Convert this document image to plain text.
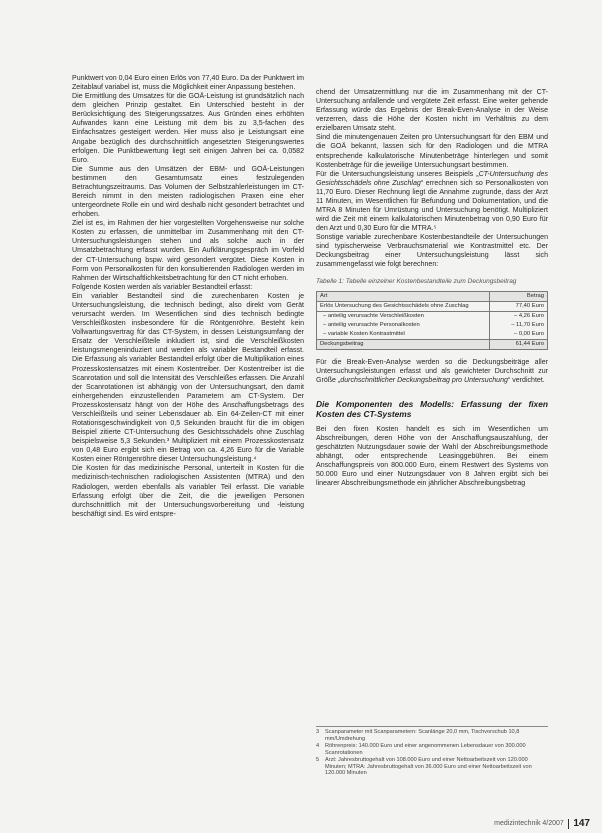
Punktwert von 0,04 Euro einen Erlös von 77,40 Euro. Da der Punktwert im Zeitablauf variabel ist, muss die Möglichkeit einer Anpassung bestehen.

Die Ermittlung des Umsatzes für die GOÄ-Leistung ist grundsätzlich nach dem gleichen Prinzip gestaltet. Ein Unterschied besteht in der Berücksichtigung des Steigerungssatzes. Aus Gründen eines erhöhten Aufwandes kann eine Leistung mit dem bis zu 3,5-fachen des Einfachsatzes gesteigert werden. Hier muss also je Leistungsart eine Angabe bezüglich des durchschnittlich angesetzten Steigerungswertes erfolgen. Die Punktbewertung liegt seit einigen Jahren bei ca. 0,0582 Euro.

Die Summe aus den Umsätzen der EBM- und GOÄ-Leistungen bestimmen den Gesamtumsatz eines festzulegenden Betrachtungszeitraums. Das Volumen der Selbstzahlerleistungen im CT-Bereich nimmt in den meisten radiologischen Praxen eine eher untergeordnete Rolle ein und wird deshalb nicht gesondert betrachtet und erhoben.

Ziel ist es, im Rahmen der hier vorgestellten Vorgehensweise nur solche Kosten zu erfassen, die unmittelbar im Zusammenhang mit den CT-Untersuchungsleistungen stehen und als solche auch in der Umsatzbetrachtung erfasst wurden. Ein Aufklärungsgespräch im Vorfeld der CT-Untersuchung bspw. wird gesondert vergütet. Diese Kosten in Form von Personalkosten für den konsultierenden Radiologen werden im Rahmen der Wirtschaftlichkeitsbetrachtung für den CT nicht erhoben.

Folgende Kosten werden als variabler Bestandteil erfasst:

Ein variabler Bestandteil sind die zurechenbaren Kosten je Untersuchungsleistung, die technisch bedingt, also direkt vom Gerät verursacht werden. Im Wesentlichen sind dies technisch bedingte Verschleißkosten insbesondere für die Röntgenröhre. Besteht kein Vollwartungsvertrag für das CT-System, in dessen Leistungsumfang der Ersatz der Verschleißteile inkludiert ist, sind die Verschleißkosten leistungsmengeninduziert und werden als variabler Bestandteil erfasst. Die Erfassung als variabler Bestandteil erfolgt über die Multiplikation eines Prozesskostensatzes mit einem Kostentreiber. Der Kostentreiber ist die Scanrotation und soll die Intensität des Verschleißes erfassen. Die Anzahl der Scanrotationen ist abhängig von der Untersuchungsart, den damit einhergehenden einzustellenden Parametern am CT-System. Der Prozesskostensatz hängt von der Höhe des Anschaffungsbetrags des Verschleißteils und seiner Lebensdauer ab. Ein 64-Zeilen-CT mit einer Rotationsgeschwindigkeit von 0,5 Sekunden braucht für die im obigen Beispiel zitierte CT-Untersuchung des Gesichtsschädels ohne Zuschlag beispielsweise 5,3 Sekunden.³ Multipliziert mit einem Prozesskostensatz von 0,48 Euro ergibt sich ein Betrag von ca. 4,26 Euro für die Variable Kosten einer Röntgenröhre dieser Untersuchungsleistung.⁴

Die Kosten für das medizinische Personal, unterteilt in Kosten für die medizinisch-technischen radiologischen Assistenten (MTRA) und den Radiologen, werden ebenfalls als variabler Teil erfasst. Die variable Erfassung erfolgt über die Zeit, die die jeweiligen Personen durchschnittlich mit der Untersuchungsvorbereitung und -leistung beschäftigt sind. Es wird entspre-

chend der Umsatzermittlung nur die im Zusammenhang mit der CT-Untersuchung anfallende und vergütete Zeit erfasst. Eine weiter gehende Erfassung würde das Ergebnis der Break-Even-Analyse in der Weise verzerren, dass die Höhe der Kosten nicht im Verhältnis zu dem erzielbaren Umsatz steht.

Sind die minutengenauen Zeiten pro Untersuchungsart für den EBM und die GOÄ bekannt, lassen sich für den Radiologen und die MTRA entsprechende kalkulatorische Minutenbeträge hinterlegen und somit Kostenbeträge für die jeweilige Untersuchungsart bestimmen.

Für die Untersuchungsleistung unseres Beispiels „CT-Untersuchung des Gesichtsschädels ohne Zuschlag“ errechnen sich so Personalkosten von 11,70 Euro. Dieser Rechnung liegt die Annahme zugrunde, dass der Arzt 11 Minuten, im Wesentlichen für Befundung und Dokumentation, und die MTRA 8 Minuten für Umrüstung und Untersuchung benötigt. Multipliziert wird die Zeit mit einem kalkulatorischen Minutenbetrag von 0,90 Euro für den Arzt und 0,30 Euro für die MTRA.⁵

Sonstige variable zurechenbare Kostenbestandteile der Untersuchungen sind typischerweise Verbrauchsmaterial wie Kontrastmittel etc. Der Deckungsbeitrag einer Untersuchungsleistung lässt sich zusammengefasst wie folgt berechnen:

Tabelle 1: Tabelle einzelner Kostenbestandteile zum Deckungsbeitrag

Art	Betrag
Erlös Untersuchung des Gesichtsschädels ohne Zuschlag	77,40 Euro
– anteilig verursachte Verschleißkosten	– 4,26 Euro
– anteilig verursachte Personalkosten	– 11,70 Euro
– variable Kosten Kontrastmittel	– 0,00 Euro
Deckungsbeitrag	61,44 Euro

Für die Break-Even-Analyse werden so die Deckungsbeiträge aller Untersuchungsleistungen erfasst und als gewichteter Durchschnitt zur Größe „durchschnittlicher Deckungsbeitrag pro Untersuchung“ verdichtet.

Die Komponenten des Modells: Erfassung der fixen Kosten des CT-Systems

Bei den fixen Kosten handelt es sich im Wesentlichen um Abschreibungen, deren Höhe von der Anschaffungsauszahlung, der geschätzten Nutzungsdauer sowie der Wahl der Abschreibungsmethode abhängt, oder entsprechende Leasinggebühren. Bei einem Anschaffungspreis von 800.000 Euro, einem Restwert des Systems von 50.000 Euro und einer Nutzungsdauer von 8 Jahren ergibt sich bei linearer Abschreibungsmethode ein jährlicher Abschreibungsbetrag

3	Scanparameter mit Scanparametern: Scanlänge 20,0 mm, Tischvorschub 10,8 mm/Umdrehung
4	Röhrenpreis: 140.000 Euro und einer angenommenen Lebensdauer von 300.000 Scanrotationen
5	Arzt: Jahresbruttogehalt von 108.000 Euro und einer Nettoarbeitszeit von 120.000 Minuten; MTRA: Jahresbruttogehalt von 36.000 Euro und einer Nettoarbeitszeit von 120.000 Minuten
medizintechnik 4/2007 147
